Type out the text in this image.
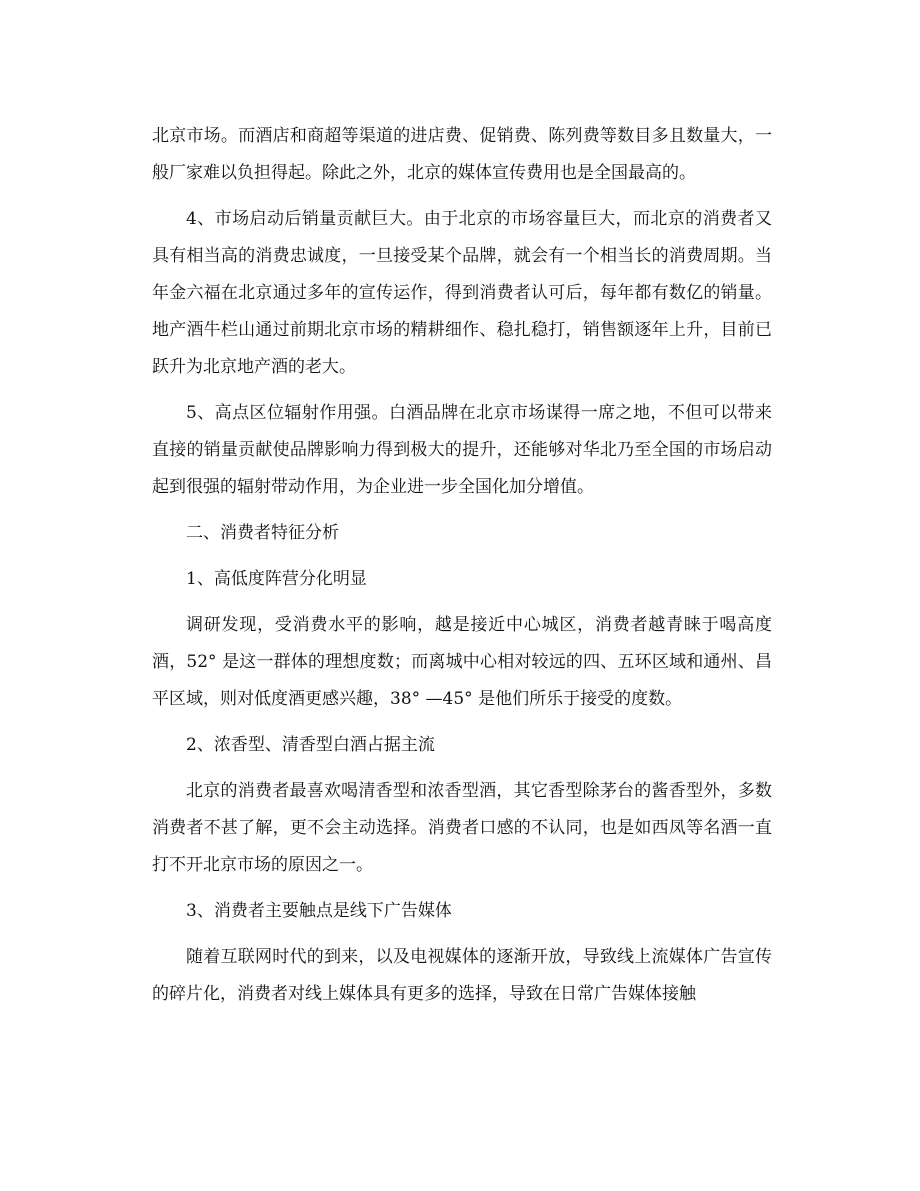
北京市场。而酒店和商超等渠道的进店费、促销费、陈列费等数目多且数量大，一般厂家难以负担得起。除此之外，北京的媒体宣传费用也是全国最高的。

4、市场启动后销量贡献巨大。由于北京的市场容量巨大，而北京的消费者又具有相当高的消费忠诚度，一旦接受某个品牌，就会有一个相当长的消费周期。当年金六福在北京通过多年的宣传运作，得到消费者认可后，每年都有数亿的销量。地产酒牛栏山通过前期北京市场的精耕细作、稳扎稳打，销售额逐年上升，目前已跃升为北京地产酒的老大。

5、高点区位辐射作用强。白酒品牌在北京市场谋得一席之地，不但可以带来直接的销量贡献使品牌影响力得到极大的提升，还能够对华北乃至全国的市场启动起到很强的辐射带动作用，为企业进一步全国化加分增值。

二、消费者特征分析

1、高低度阵营分化明显

调研发现，受消费水平的影响，越是接近中心城区，消费者越青睐于喝高度酒，52° 是这一群体的理想度数；而离城中心相对较远的四、五环区域和通州、昌平区域，则对低度酒更感兴趣，38° —45° 是他们所乐于接受的度数。

2、浓香型、清香型白酒占据主流

北京的消费者最喜欢喝清香型和浓香型酒，其它香型除茅台的酱香型外，多数消费者不甚了解，更不会主动选择。消费者口感的不认同，也是如西凤等名酒一直打不开北京市场的原因之一。

3、消费者主要触点是线下广告媒体

随着互联网时代的到来，以及电视媒体的逐渐开放，导致线上流媒体广告宣传的碎片化，消费者对线上媒体具有更多的选择，导致在日常广告媒体接触
